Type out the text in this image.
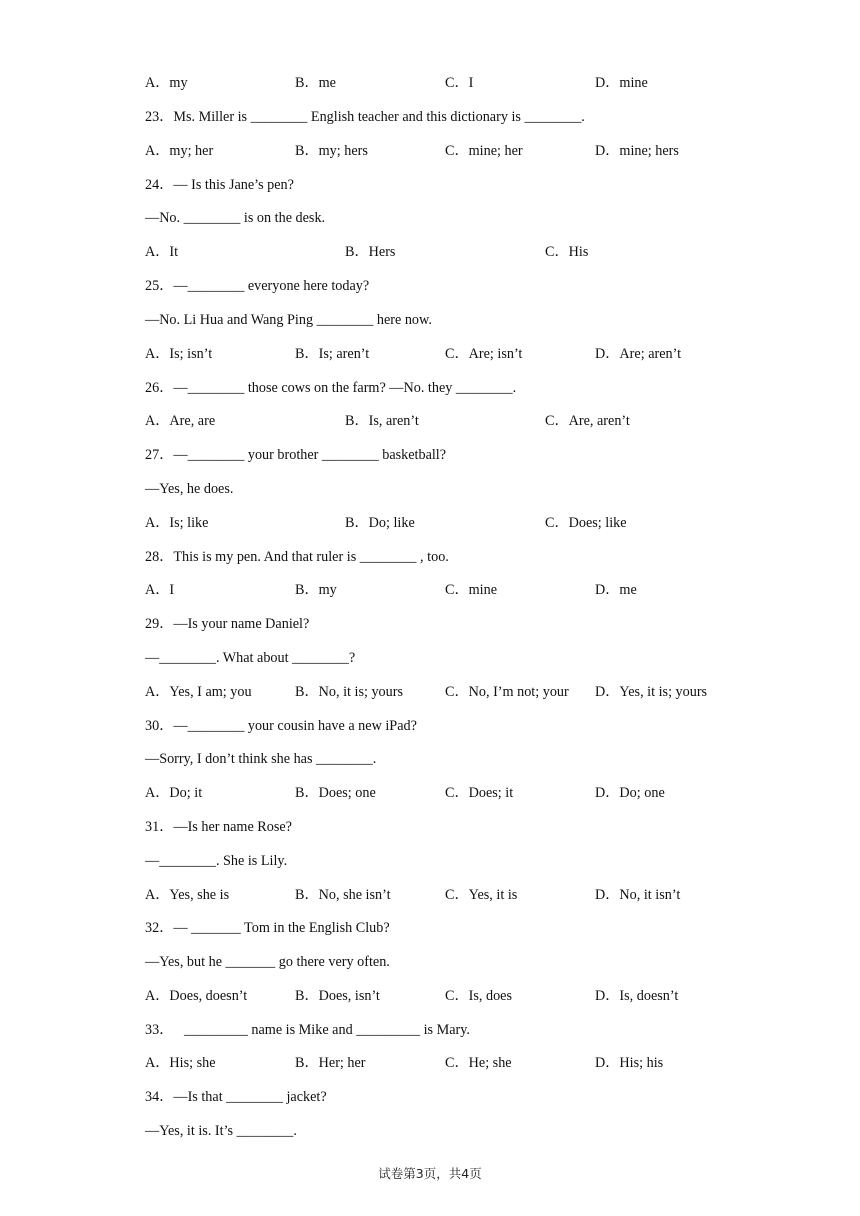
A．my	B．me	C．I	D．mine
23．Ms. Miller is ________ English teacher and this dictionary is ________.
A．my; her	B．my; hers	C．mine; her	D．mine; hers
24．— Is this Jane’s pen?
—No. ________ is on the desk.
A．It	B．Hers	C．His
25．—________ everyone here today?
—No. Li Hua and Wang Ping ________ here now.
A．Is; isn’t	B．Is; aren’t	C．Are; isn’t	D．Are; aren’t
26．—________ those cows on the farm? —No. they ________.
A．Are, are	B．Is, aren’t	C．Are, aren’t
27．—________ your brother ________ basketball?
—Yes, he does.
A．Is; like	B．Do; like	C．Does; like
28．This is my pen. And that ruler is ________ , too.
A．I	B．my	C．mine	D．me
29．—Is your name Daniel?
—________. What about ________?
A．Yes, I am; you	B．No, it is; yours	C．No, I’m not; your D．Yes, it is; yours
30．—________ your cousin have a new iPad?
—Sorry, I don’t think she has ________.
A．Do; it	B．Does; one	C．Does; it	D．Do; one
31．—Is her name Rose?
—________. She is Lily.
A．Yes, she is	B．No, she isn’t	C．Yes, it is	D．No, it isn’t
32．— _______ Tom in the English Club?
—Yes, but he _______ go there very often.
A．Does, doesn’t	B．Does, isn’t	C．Is, does	D．Is, doesn’t
33．   _________ name is Mike and _________ is Mary.
A．His; she	B．Her; her	C．He; she	D．His; his
34．—Is that ________ jacket?
—Yes, it is. It’s ________.
试卷第3页，共4页
